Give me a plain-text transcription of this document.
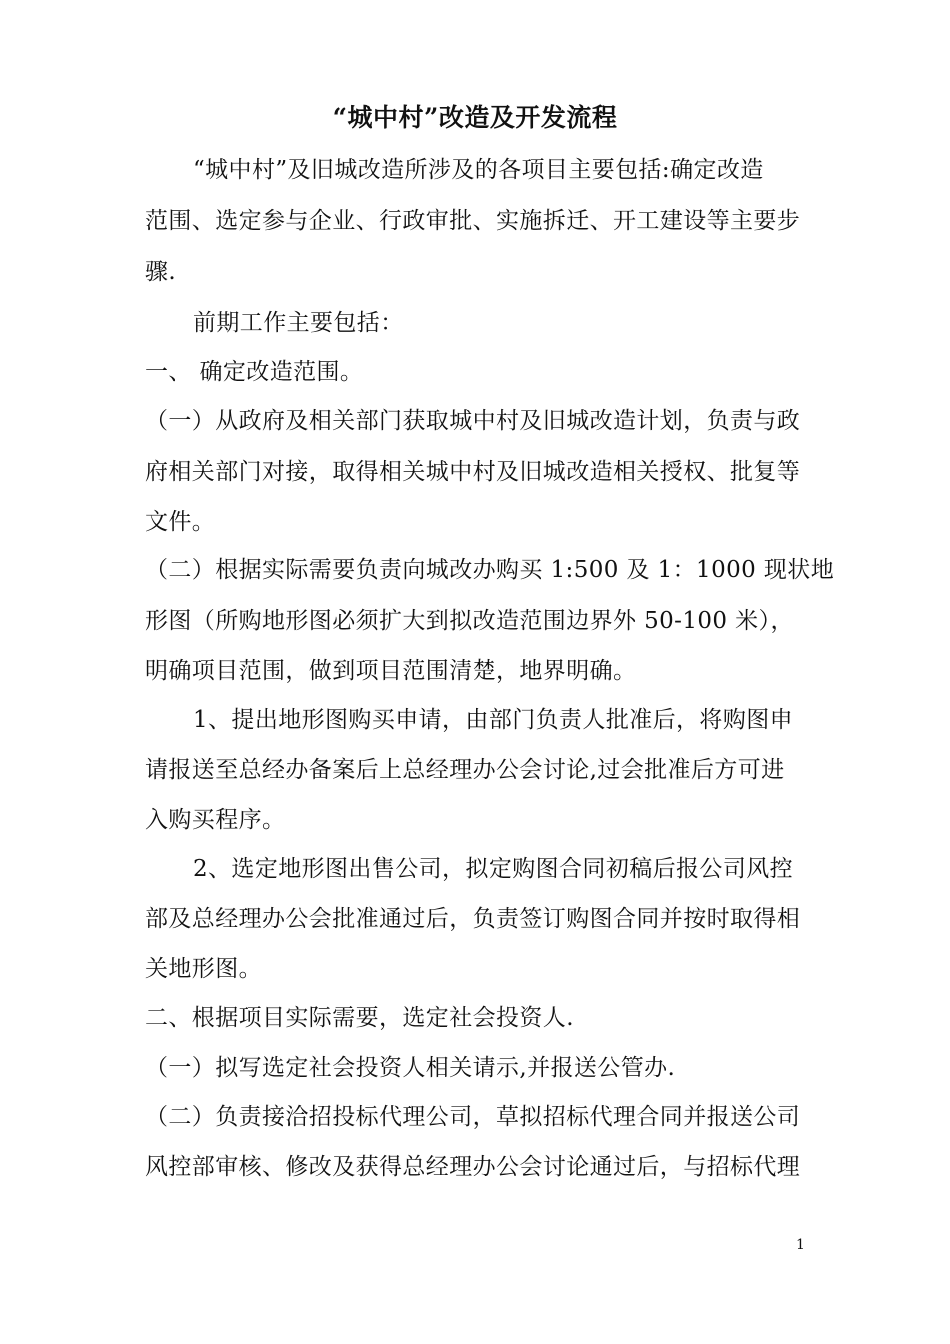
“城中村”改造及开发流程
“城中村”及旧城改造所涉及的各项目主要包括:确定改造
范围、选定参与企业、行政审批、实施拆迁、开工建设等主要步
骤.
前期工作主要包括：
一、 确定改造范围。
（一）从政府及相关部门获取城中村及旧城改造计划，负责与政
府相关部门对接，取得相关城中村及旧城改造相关授权、批复等
文件。
（二）根据实际需要负责向城改办购买 1:500 及 1：1000 现状地
形图（所购地形图必须扩大到拟改造范围边界外 50-100 米），
明确项目范围，做到项目范围清楚，地界明确。
1、提出地形图购买申请，由部门负责人批准后，将购图申
请报送至总经办备案后上总经理办公会讨论,过会批准后方可进
入购买程序。
2、选定地形图出售公司，拟定购图合同初稿后报公司风控
部及总经理办公会批准通过后，负责签订购图合同并按时取得相
关地形图。
二、根据项目实际需要，选定社会投资人.
（一）拟写选定社会投资人相关请示,并报送公管办.
（二）负责接洽招投标代理公司，草拟招标代理合同并报送公司
风控部审核、修改及获得总经理办公会讨论通过后，与招标代理
1
